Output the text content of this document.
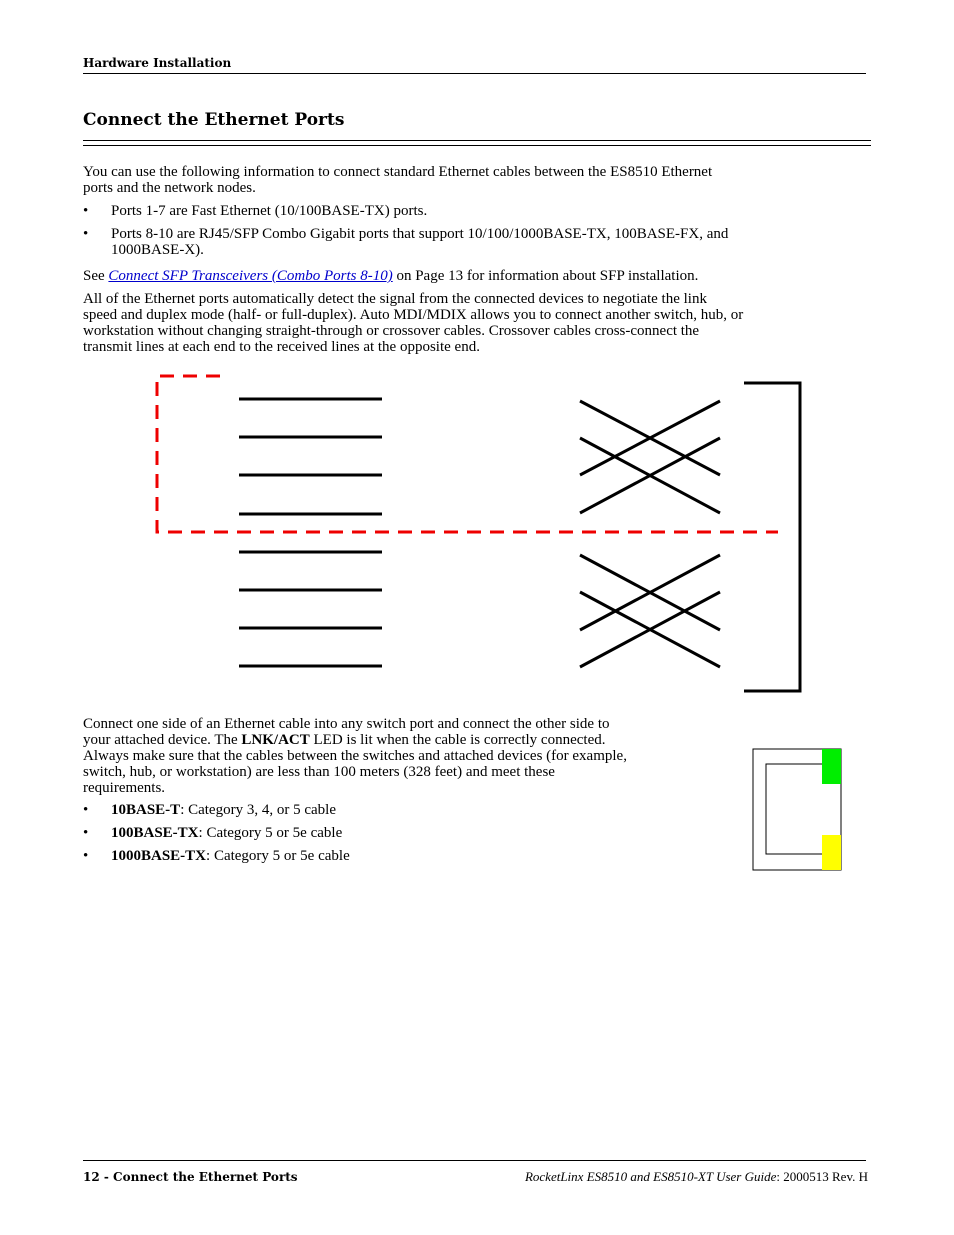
Hardware Installation
Connect the Ethernet Ports

You can use the following information to connect standard Ethernet cables between the ES8510 Ethernet

ports and the network nodes.

• Ports 1-7 are Fast Ethernet (10/100BASE-TX) ports.
• Ports 8-10 are RJ45/SFP Combo Gigabit ports that support 10/100/1000BASE-TX, 100BASE-FX, and
1000BASE-X).
See Connect SFP Transceivers (Combo Ports 8-10) on Page 13 for information about SFP installation.

All of the Ethernet ports automatically detect the signal from the connected devices to negotiate the link

speed and duplex mode (half- or full-duplex). Auto MDI/MDIX allows you to connect another switch, hub, or

workstation without changing straight-through or crossover cables. Crossover cables cross-connect the

transmit lines at each end to the received lines at the opposite end.

Connect one side of an Ethernet cable into any switch port and connect the other side to

your attached device. The LNK/ACT LED is lit when the cable is correctly connected.

Always make sure that the cables between the switches and attached devices (for example,

switch, hub, or workstation) are less than 100 meters (328 feet) and meet these

requirements.

• 10BASE-T: Category 3, 4, or 5 cable
• 100BASE-TX: Category 5 or 5e cable
• 1000BASE-TX: Category 5 or 5e cable
12 - Connect the Ethernet Ports	RocketLinx ES8510 and ES8510-XT User Guide: 2000513 Rev. H
